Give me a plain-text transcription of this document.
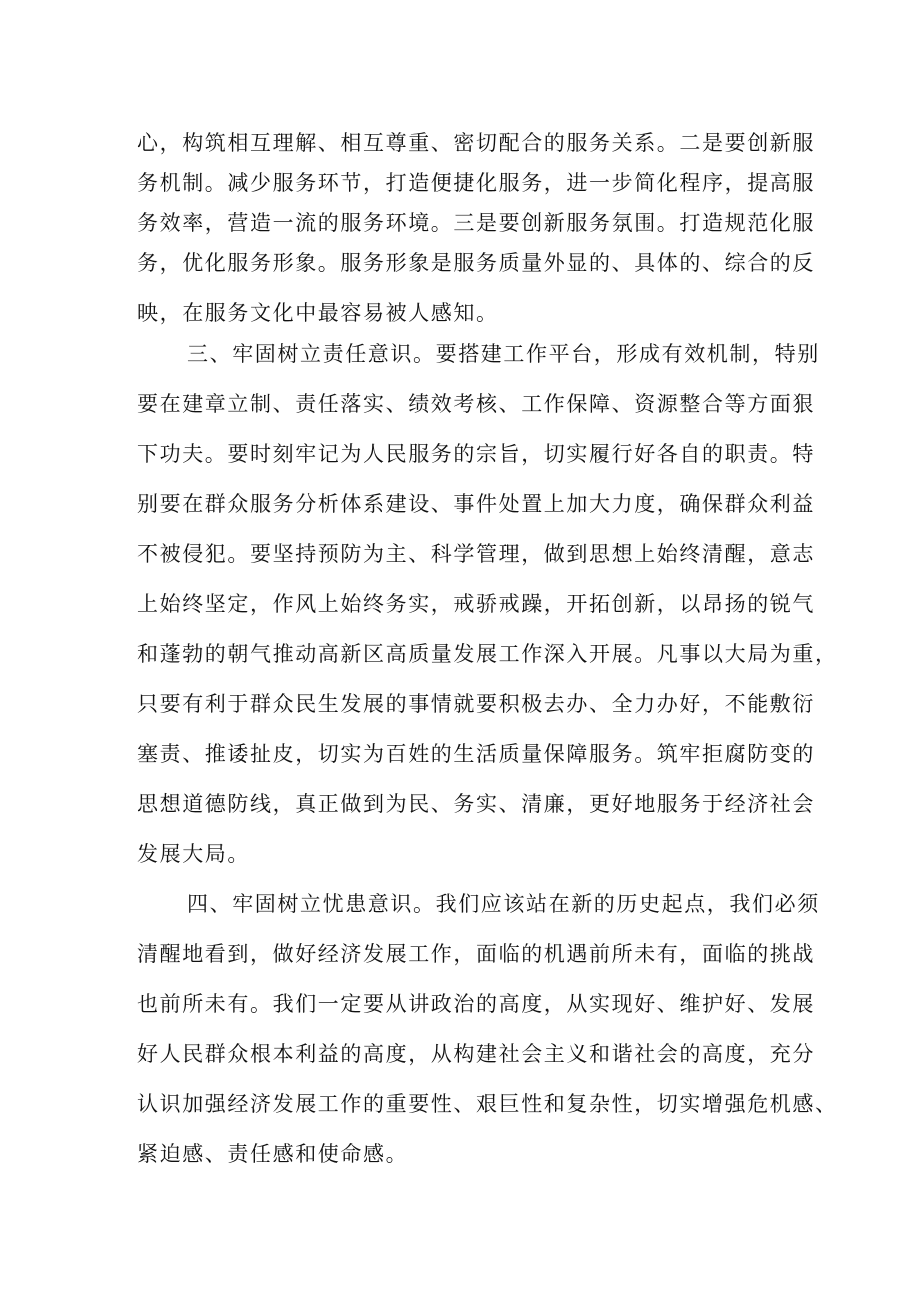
心，构筑相互理解、相互尊重、密切配合的服务关系。二是要创新服
务机制。减少服务环节，打造便捷化服务，进一步简化程序，提高服
务效率，营造一流的服务环境。三是要创新服务氛围。打造规范化服
务，优化服务形象。服务形象是服务质量外显的、具体的、综合的反
映，在服务文化中最容易被人感知。
三、牢固树立责任意识。要搭建工作平台，形成有效机制，特别
要在建章立制、责任落实、绩效考核、工作保障、资源整合等方面狠
下功夫。要时刻牢记为人民服务的宗旨，切实履行好各自的职责。特
别要在群众服务分析体系建设、事件处置上加大力度，确保群众利益
不被侵犯。要坚持预防为主、科学管理，做到思想上始终清醒，意志
上始终坚定，作风上始终务实，戒骄戒躁，开拓创新，以昂扬的锐气
和蓬勃的朝气推动高新区高质量发展工作深入开展。凡事以大局为重，
只要有利于群众民生发展的事情就要积极去办、全力办好，不能敷衍
塞责、推诿扯皮，切实为百姓的生活质量保障服务。筑牢拒腐防变的
思想道德防线，真正做到为民、务实、清廉，更好地服务于经济社会
发展大局。
四、牢固树立忧患意识。我们应该站在新的历史起点，我们必须
清醒地看到，做好经济发展工作，面临的机遇前所未有，面临的挑战
也前所未有。我们一定要从讲政治的高度，从实现好、维护好、发展
好人民群众根本利益的高度，从构建社会主义和谐社会的高度，充分
认识加强经济发展工作的重要性、艰巨性和复杂性，切实增强危机感、
紧迫感、责任感和使命感。
